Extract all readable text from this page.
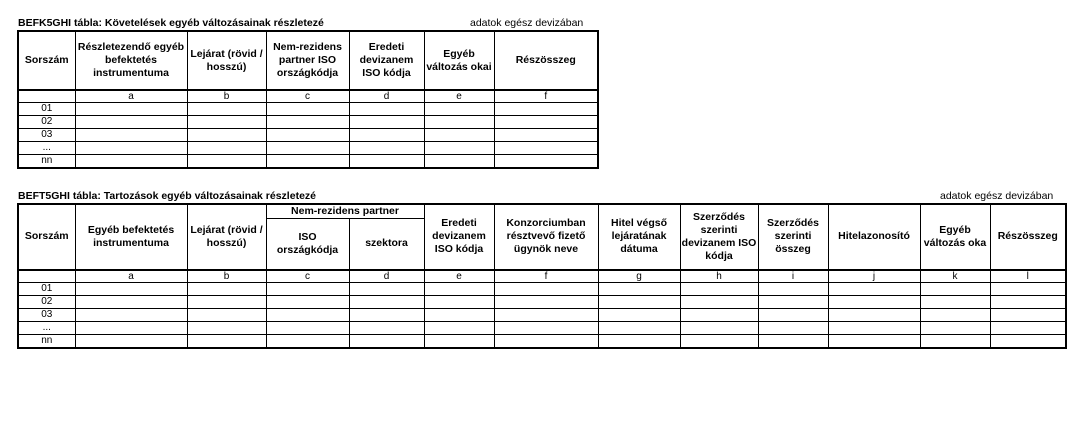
BEFK5GHI tábla: Követelések egyéb változásainak részletezé	adatok egész devizában
Sorszám	Részletezendő egyéb befektetés instrumentuma	Lejárat (rövid / hosszú)	Nem-rezidens partner ISO országkódja	Eredeti devizanem ISO kódja	Egyéb változás okai	Részösszeg
	a	b	c	d	e	f
01						
02						
03						
...						
nn						
BEFT5GHI tábla: Tartozások egyéb változásainak részletezé	adatok egész devizában
Sorszám	Egyéb befektetés instrumentuma	Lejárat (rövid / hosszú)	Nem-rezidens partner		Eredeti devizanem ISO kódja	Konzorciumban résztvevő fizető ügynök neve	Hitel végső lejáratának dátuma	Szerződés szerinti devizanem ISO kódja	Szerződés szerinti összeg	Hitelazonosító	Egyéb változás oka	Részösszeg
			ISO országkódja	szektora								
	a	b	c	d	e	f	g	h	i	j	k	l
01												
02												
03												
...												
nn												
